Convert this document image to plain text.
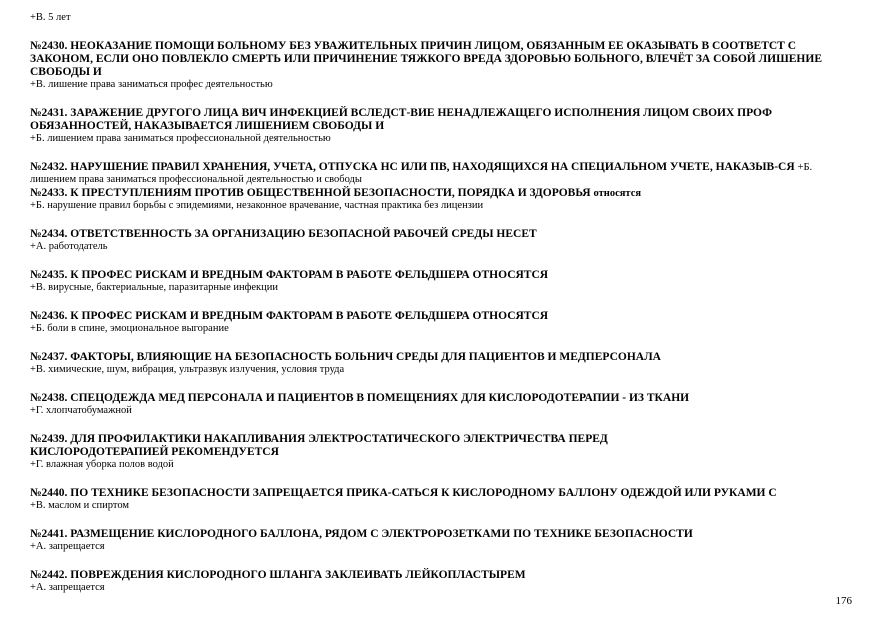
+В. 5 лет

№2430. НЕОКАЗАНИЕ ПОМОЩИ БОЛЬНОМУ БЕЗ УВАЖИТЕЛЬНЫХ ПРИЧИН ЛИЦОМ, ОБЯЗАННЫМ ЕЕ ОКАЗЫВАТЬ В СООТВЕТСТ С ЗАКОНОМ, ЕСЛИ ОНО ПОВЛЕКЛО СМЕРТЬ ИЛИ ПРИЧИНЕНИЕ ТЯЖКОГО ВРЕДА ЗДОРОВЬЮ БОЛЬНОГО, ВЛЕЧЁТ ЗА СОБОЙ ЛИШЕНИЕ СВОБОДЫ И

+В. лишение права заниматься профес деятельностью

№2431. ЗАРАЖЕНИЕ ДРУГОГО ЛИЦА ВИЧ ИНФЕКЦИЕЙ ВСЛЕДСТ-ВИЕ НЕНАДЛЕЖАЩЕГО ИСПОЛНЕНИЯ ЛИЦОМ СВОИХ ПРОФ ОБЯЗАННОСТЕЙ, НАКАЗЫВАЕТСЯ ЛИШЕНИЕМ СВОБОДЫ И

+Б. лишением права заниматься профессиональной деятельностью

№2432. НАРУШЕНИЕ ПРАВИЛ ХРАНЕНИЯ, УЧЕТА, ОТПУСКА НС ИЛИ ПВ, НАХОДЯЩИХСЯ НА СПЕЦИАЛЬНОМ УЧЕТЕ, НАКАЗЫВ-СЯ +Б.

лишением права заниматься профессиональной деятельностью и свободы

№2433. К ПРЕСТУПЛЕНИЯМ ПРОТИВ ОБЩЕСТВЕННОЙ БЕЗОПАСНОСТИ, ПОРЯДКА И ЗДОРОВЬЯ относятся

+Б. нарушение правил борьбы с эпидемиями, незаконное врачевание, частная практика без лицензии

№2434. ОТВЕТСТВЕННОСТЬ ЗА ОРГАНИЗАЦИЮ БЕЗОПАСНОЙ РАБОЧЕЙ СРЕДЫ НЕСЕТ

+А. работодатель

№2435. К ПРОФЕС РИСКАМ И ВРЕДНЫМ ФАКТОРАМ В РАБОТЕ ФЕЛЬДШЕРА ОТНОСЯТСЯ

+В. вирусные, бактериальные, паразитарные инфекции

№2436. К ПРОФЕС РИСКАМ И ВРЕДНЫМ ФАКТОРАМ В РАБОТЕ ФЕЛЬДШЕРА ОТНОСЯТСЯ

+Б. боли в спине, эмоциональное выгорание

№2437. ФАКТОРЫ, ВЛИЯЮЩИЕ НА БЕЗОПАСНОСТЬ БОЛЬНИЧ СРЕДЫ ДЛЯ ПАЦИЕНТОВ И МЕДПЕРСОНАЛА

+В. химические, шум, вибрация, ультразвук излучения, условия труда

№2438. СПЕЦОДЕЖДА МЕД ПЕРСОНАЛА И ПАЦИЕНТОВ В ПОМЕЩЕНИЯХ ДЛЯ КИСЛОРОДОТЕРАПИИ - ИЗ ТКАНИ

+Г. хлопчатобумажной

№2439. ДЛЯ ПРОФИЛАКТИКИ НАКАПЛИВАНИЯ ЭЛЕКТРОСТАТИЧЕСКОГО ЭЛЕКТРИЧЕСТВА ПЕРЕД КИСЛОРОДОТЕРАПИЕЙ РЕКОМЕНДУЕТСЯ

+Г. влажная уборка полов водой

№2440. ПО ТЕХНИКЕ БЕЗОПАСНОСТИ ЗАПРЕЩАЕТСЯ ПРИКА-САТЬСЯ К КИСЛОРОДНОМУ БАЛЛОНУ ОДЕЖДОЙ ИЛИ РУКАМИ С

+В. маслом и спиртом

№2441. РАЗМЕЩЕНИЕ КИСЛОРОДНОГО БАЛЛОНА, РЯДОМ С ЭЛЕКТРОРОЗЕТКАМИ ПО ТЕХНИКЕ БЕЗОПАСНОСТИ

+А. запрещается

№2442. ПОВРЕЖДЕНИЯ КИСЛОРОДНОГО ШЛАНГА ЗАКЛЕИВАТЬ ЛЕЙКОПЛАСТЫРЕМ

+А. запрещается

176
